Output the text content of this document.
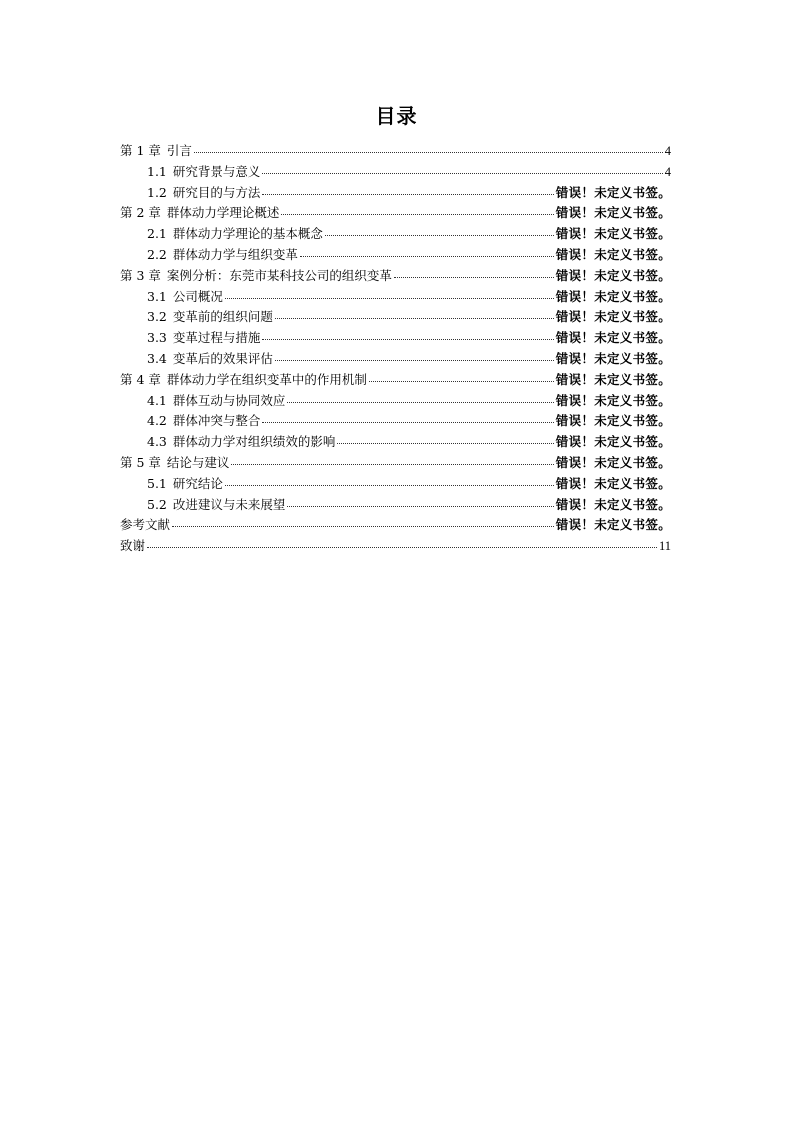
目录
第 1 章 引言	4
1.1 研究背景与意义	4
1.2 研究目的与方法	错误！未定义书签。
第 2 章 群体动力学理论概述	错误！未定义书签。
2.1 群体动力学理论的基本概念	错误！未定义书签。
2.2 群体动力学与组织变革	错误！未定义书签。
第 3 章 案例分析：东莞市某科技公司的组织变革	错误！未定义书签。
3.1 公司概况	错误！未定义书签。
3.2 变革前的组织问题	错误！未定义书签。
3.3 变革过程与措施	错误！未定义书签。
3.4 变革后的效果评估	错误！未定义书签。
第 4 章 群体动力学在组织变革中的作用机制	错误！未定义书签。
4.1 群体互动与协同效应	错误！未定义书签。
4.2 群体冲突与整合	错误！未定义书签。
4.3 群体动力学对组织绩效的影响	错误！未定义书签。
第 5 章 结论与建议	错误！未定义书签。
5.1 研究结论	错误！未定义书签。
5.2 改进建议与未来展望	错误！未定义书签。
参考文献	错误！未定义书签。
致谢	11
